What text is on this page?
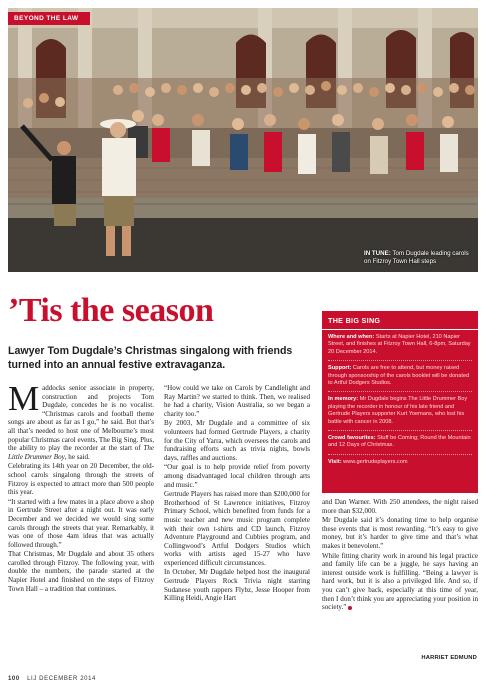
BEYOND THE LAW
IN TUNE: Tom Dugdale leading carols on Fitzroy Town Hall steps
’Tis the season
Lawyer Tom Dugdale’s Christmas singalong with friends turned into an annual festive extravaganza.
THE BIG SING
Where and when: Starts at Napier Hotel, 210 Napier Street, and finishes at Fitzroy Town Hall, 6-8pm, Saturday 20 December 2014.
Support: Carols are free to attend, but money raised through sponsorship of the carols booklet will be donated to Artful Dodgers Studios.
In memory: Mr Dugdale begins The Little Drummer Boy playing the recorder in honour of his late friend and Gertrude Players supporter Kurt Yoemans, who lost his battle with cancer in 2008.
Crowd favourites: Stuff be Coming; Round the Mountain and 12 Days of Christmas.
Visit: www.gertrudeplayers.com

Maddocks senior associate in property, construction and projects Tom Dugdale, concedes he is no vocalist. “Christmas carols and football theme songs are about as far as I go,” he said. But that’s all that’s needed to host one of Melbourne’s most popular Christmas carol events, The Big Sing. Plus, the ability to play the recorder at the start of The Little Drummer Boy, he said.

Celebrating its 14th year on 20 December, the old-school carols singalong through the streets of Fitzroy is expected to attract more than 500 people this year.

“It started with a few mates in a place above a shop in Gertrude Street after a night out. It was early December and we decided we would sing some carols through the streets that year. Remarkably, it was one of those 4am ideas that was actually followed through.”

That Christmas, Mr Dugdale and about 35 others carolled through Fitzroy. The following year, with double the numbers, the parade started at the Napier Hotel and finished on the steps of Fitzroy Town Hall – a tradition that continues.

“How could we take on Carols by Candlelight and Ray Martin? we started to think. Then, we realised he had a charity, Vision Australia, so we began a charity too.”

By 2003, Mr Dugdale and a committee of six volunteers had formed Gertrude Players, a charity for the City of Yarra, which oversees the carols and fundraising efforts such as trivia nights, bowls days, raffles and auctions.

“Our goal is to help provide relief from poverty among disadvantaged local children through arts and music.”

Gertrude Players has raised more than $200,000 for Brotherhood of St Lawrence initiatives, Fitzroy Primary School, which benefited from funds for a music teacher and new music program complete with their own t-shirts and CD launch, Fitzroy Adventure Playground and Cubbies program, and Collingwood’s Artful Dodgers Studios which works with artists aged 15-27 who have experienced difficult circumstances.

In October, Mr Dugdale helped host the inaugural Gertrude Players Rock Trivia night starring Sudanese youth rappers Flybz, Jesse Hooper from Killing Heidi, Angie Hart

and Dan Warner. With 250 attendees, the night raised more than $32,000.

Mr Dugdale said it’s donating time to help organise these events that is most rewarding. “It’s easy to give money, but it’s harder to give time and that’s what makes it benevolent.”

While fitting charity work in around his legal practice and family life can be a juggle, he says having an interest outside work is fulfilling. “Being a lawyer is hard work, but it is also a privileged life. And so, if you can’t give back, especially at this time of year, then I don’t think you are appreciating your position in society.”

HARRIET EDMUND
100 LIJ DECEMBER 2014
